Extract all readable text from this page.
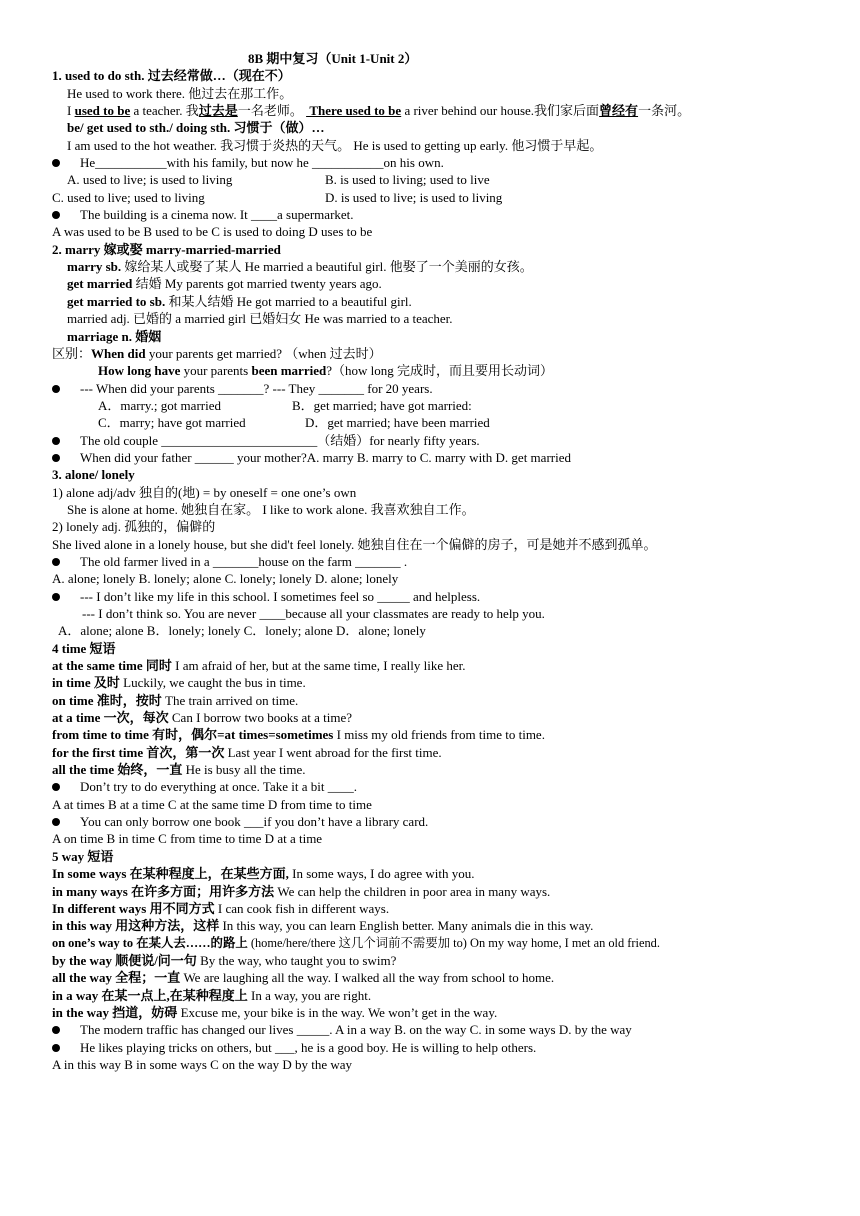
8B 期中复习（Unit 1-Unit 2）
1. used to do sth. 过去经常做…（现在不）
He used to work there. 他过去在那工作。
I used to be a teacher. 我过去是一名老师。  There used to be a river behind our house.我们家后面曾经有一条河。
be/ get used to sth./ doing sth. 习惯于（做）…
I am used to the hot weather. 我习惯于炎热的天气。 He is used to getting up early. 他习惯于早起。
He___________with his family, but now he ___________on his own.
A. used to live; is used to living	B. is used to living; used to live
C. used to live; used to living	D. is used to live; is used to living
The building is a cinema now. It ____a supermarket.
A was used to be B used to be C is used to doing D uses to be
2. marry 嫁或娶 marry-married-married
marry sb. 嫁给某人或娶了某人 He married a beautiful girl. 他娶了一个美丽的女孩。
get married 结婚 My parents got married twenty years ago.
get married to sb. 和某人结婚 He got married to a beautiful girl.
married adj. 已婚的 a married girl 已婚妇女 He was married to a teacher.
marriage n. 婚姻
区别：When did your parents get married? （when 过去时）
How long have your parents been married?（how long 完成时，而且要用长动词）
--- When did your parents _______? --- They _______ for 20 years.
A．marry.; got married	B．get married; have got married:
C．marry; have got married	D．get married; have been married
The old couple ________________________（结婚）for nearly fifty years.
When did your father ______ your mother?A. marry B. marry to C. marry with D. get married
3. alone/ lonely
1) alone adj/adv 独自的(地) = by oneself = one one’s own
She is alone at home. 她独自在家。 I like to work alone. 我喜欢独自工作。
2) lonely adj. 孤独的，偏僻的
She lived alone in a lonely house, but she did't feel lonely. 她独自住在一个偏僻的房子，可是她并不感到孤单。
The old farmer lived in a _______house on the farm _______ .
A. alone; lonely B. lonely; alone C. lonely; lonely D. alone; lonely
--- I don’t like my life in this school. I sometimes feel so _____ and helpless.
--- I don’t think so. You are never ____because all your classmates are ready to help you.
A．alone; alone B．lonely; lonely C．lonely; alone D．alone; lonely
4 time 短语
at the same time 同时 I am afraid of her, but at the same time, I really like her.
in time 及时 Luckily, we caught the bus in time.
on time 准时，按时 The train arrived on time.
at a time 一次，每次 Can I borrow two books at a time?
from time to time 有时，偶尔=at times=sometimes I miss my old friends from time to time.
for the first time 首次，第一次 Last year I went abroad for the first time.
all the time 始终，一直 He is busy all the time.
Don’t try to do everything at once. Take it a bit ____.
A at times B at a time C at the same time D from time to time
You can only borrow one book ___if you don’t have a library card.
A on time B in time C from time to time D at a time
5 way 短语
In some ways 在某种程度上，在某些方面, In some ways, I do agree with you.
in many ways 在许多方面；用许多方法 We can help the children in poor area in many ways.
In different ways 用不同方式 I can cook fish in different ways.
in this way 用这种方法，这样 In this way, you can learn English better. Many animals die in this way.
on one’s way to 在某人去……的路上 (home/here/there 这几个词前不需要加 to) On my way home, I met an old friend.
by the way 顺便说/问一句 By the way, who taught you to swim?
all the way 全程；一直 We are laughing all the way. I walked all the way from school to home.
in a way 在某一点上,在某种程度上 In a way, you are right.
in the way 挡道，妨碍 Excuse me, your bike is in the way. We won’t get in the way.
The modern traffic has changed our lives _____. A in a way B. on the way C. in some ways D. by the way
He likes playing tricks on others, but ___, he is a good boy. He is willing to help others.
A in this way B in some ways C on the way D by the way
